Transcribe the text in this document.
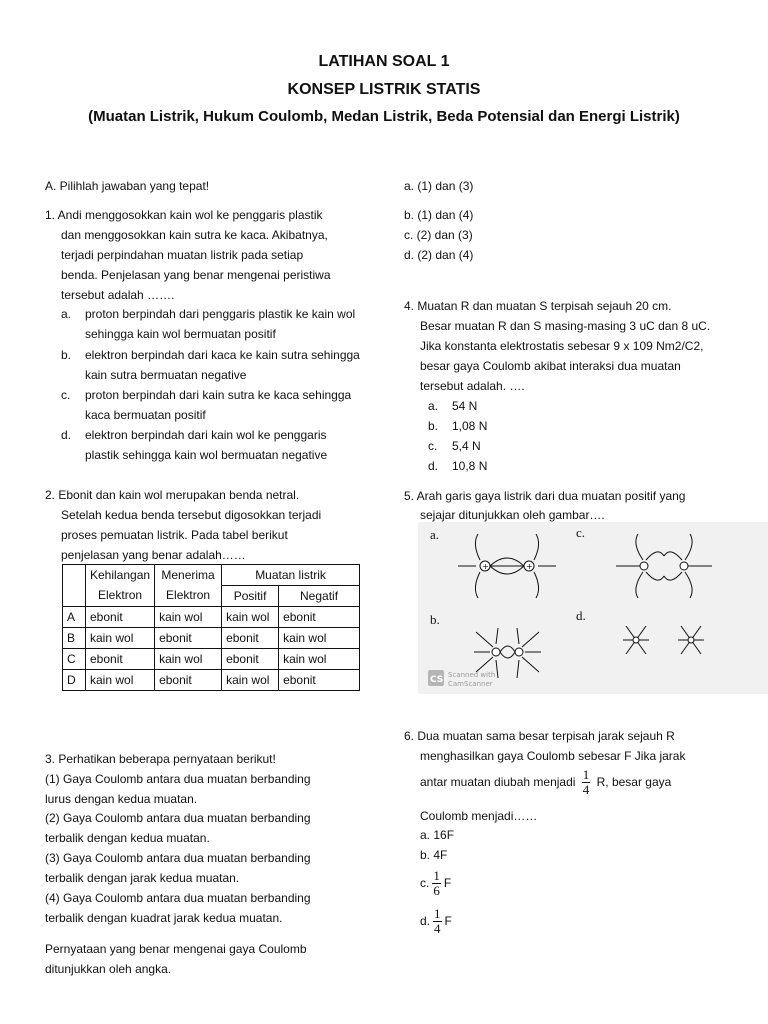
LATIHAN SOAL 1
KONSEP LISTRIK STATIS
(Muatan Listrik, Hukum Coulomb, Medan Listrik, Beda Potensial dan Energi Listrik)
A. Pilihlah jawaban yang tepat!
1. Andi menggosokkan kain wol ke penggaris plastik
dan menggosokkan kain sutra ke kaca. Akibatnya,
terjadi perpindahan muatan listrik pada setiap
benda. Penjelasan yang benar mengenai peristiwa
tersebut adalah …….
a.	proton berpindah dari penggaris plastik ke kain wol sehingga kain wol bermuatan positif
b.	elektron berpindah dari kaca ke kain sutra sehingga kain sutra bermuatan negative
c.	proton berpindah dari kain sutra ke kaca sehingga kaca bermuatan positif
d.	elektron berpindah dari kain wol ke penggaris plastik sehingga kain wol bermuatan negative
2. Ebonit dan kain wol merupakan benda netral.
Setelah kedua benda tersebut digosokkan terjadi
proses pemuatan listrik. Pada tabel berikut
penjelasan yang benar adalah……
	Kehilangan Elektron	Menerima Elektron	Muatan listrik	
			Positif	Negatif
A	ebonit	kain wol	kain wol	ebonit
B	kain wol	ebonit	ebonit	kain wol
C	ebonit	kain wol	ebonit	kain wol
D	kain wol	ebonit	kain wol	ebonit
3. Perhatikan beberapa pernyataan berikut!
(1) Gaya Coulomb antara dua muatan berbanding
lurus dengan kedua muatan.
(2) Gaya Coulomb antara dua muatan berbanding
terbalik dengan kedua muatan.
(3) Gaya Coulomb antara dua muatan berbanding
terbalik dengan jarak kedua muatan.
(4) Gaya Coulomb antara dua muatan berbanding
terbalik dengan kuadrat jarak kedua muatan.
Pernyataan yang benar mengenai gaya Coulomb
ditunjukkan oleh angka.
a. (1) dan (3)
b. (1) dan (4)
c. (2) dan (3)
d. (2) dan (4)
4. Muatan R dan muatan S terpisah sejauh 20 cm.
Besar muatan R dan S masing-masing 3 uC dan 8 uC.
Jika konstanta elektrostatis sebesar 9 x 109 Nm2/C2,
besar gaya Coulomb akibat interaksi dua muatan
tersebut adalah. ….
a. 54 N
b. 1,08 N
c. 5,4 N
d. 10,8 N
5. Arah garis gaya listrik dari dua muatan positif yang
sejajar ditunjukkan oleh gambar….
6. Dua muatan sama besar terpisah jarak sejauh R
menghasilkan gaya Coulomb sebesar F Jika jarak
antar muatan diubah menjadi $\frac{1}{4} R$, besar gaya
Coulomb menjadi……
a. 16F
b. 4F
c. $\frac{1}{6}$ F
d. $\frac{1}{4}$ F
a.
b.
c.
d.
+	+
CS Scanned with
CamScanner
